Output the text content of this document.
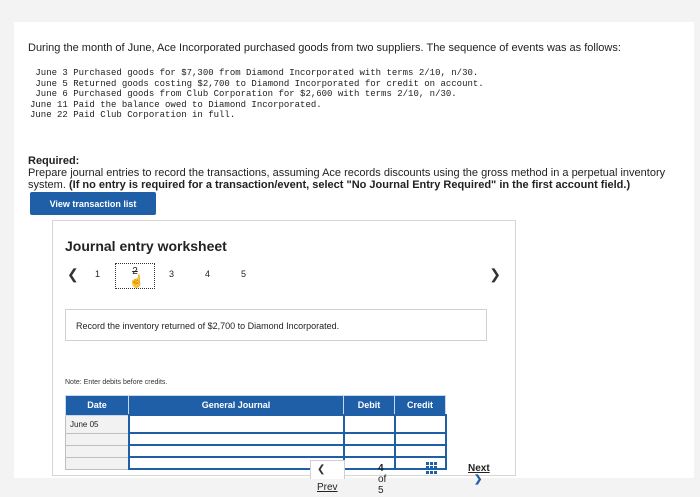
During the month of June, Ace Incorporated purchased goods from two suppliers. The sequence of events was as follows:
June 3 Purchased goods for $7,300 from Diamond Incorporated with terms 2/10, n/30.
June 5 Returned goods costing $2,700 to Diamond Incorporated for credit on account.
June 6 Purchased goods from Club Corporation for $2,600 with terms 2/10, n/30.
June 11 Paid the balance owed to Diamond Incorporated.
June 22 Paid Club Corporation in full.
Required:
Prepare journal entries to record the transactions, assuming Ace records discounts using the gross method in a perpetual inventory system. (If no entry is required for a transaction/event, select "No Journal Entry Required" in the first account field.)
View transaction list
Journal entry worksheet
❮ 1	2
☝	3	4	5	❯
Record the inventory returned of $2,700 to Diamond Incorporated.
Note: Enter debits before credits.
Date	General Journal	Debit	Credit
June 05			

❮ Prev
4 of 5
Next ❯
